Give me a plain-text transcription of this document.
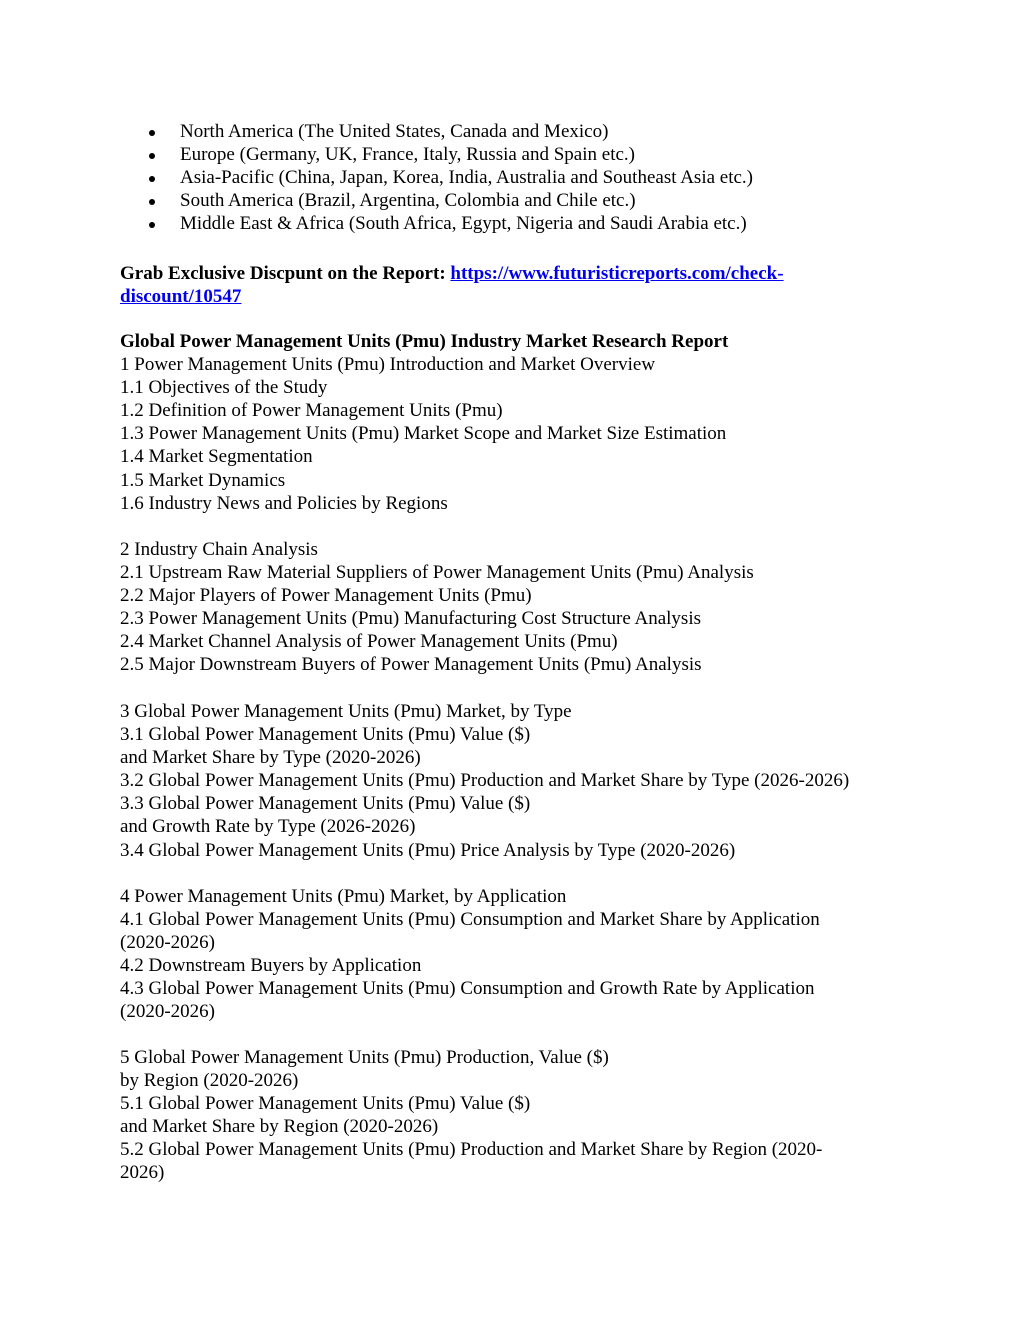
North America (The United States, Canada and Mexico)
Europe (Germany, UK, France, Italy, Russia and Spain etc.)
Asia-Pacific (China, Japan, Korea, India, Australia and Southeast Asia etc.)
South America (Brazil, Argentina, Colombia and Chile etc.)
Middle East & Africa (South Africa, Egypt, Nigeria and Saudi Arabia etc.)
Grab Exclusive Discpunt on the Report: https://www.futuristicreports.com/check-
discount/10547
Global Power Management Units (Pmu) Industry Market Research Report
1 Power Management Units (Pmu) Introduction and Market Overview
1.1 Objectives of the Study
1.2 Definition of Power Management Units (Pmu)
1.3 Power Management Units (Pmu) Market Scope and Market Size Estimation
1.4 Market Segmentation
1.5 Market Dynamics
1.6 Industry News and Policies by Regions
2 Industry Chain Analysis
2.1 Upstream Raw Material Suppliers of Power Management Units (Pmu) Analysis
2.2 Major Players of Power Management Units (Pmu)
2.3 Power Management Units (Pmu) Manufacturing Cost Structure Analysis
2.4 Market Channel Analysis of Power Management Units (Pmu)
2.5 Major Downstream Buyers of Power Management Units (Pmu) Analysis
3 Global Power Management Units (Pmu) Market, by Type
3.1 Global Power Management Units (Pmu) Value ($)
and Market Share by Type (2020-2026)
3.2 Global Power Management Units (Pmu) Production and Market Share by Type (2026-2026)
3.3 Global Power Management Units (Pmu) Value ($)
and Growth Rate by Type (2026-2026)
3.4 Global Power Management Units (Pmu) Price Analysis by Type (2020-2026)
4 Power Management Units (Pmu) Market, by Application
4.1 Global Power Management Units (Pmu) Consumption and Market Share by Application
(2020-2026)
4.2 Downstream Buyers by Application
4.3 Global Power Management Units (Pmu) Consumption and Growth Rate by Application
(2020-2026)
5 Global Power Management Units (Pmu) Production, Value ($)
by Region (2020-2026)
5.1 Global Power Management Units (Pmu) Value ($)
and Market Share by Region (2020-2026)
5.2 Global Power Management Units (Pmu) Production and Market Share by Region (2020-
2026)
